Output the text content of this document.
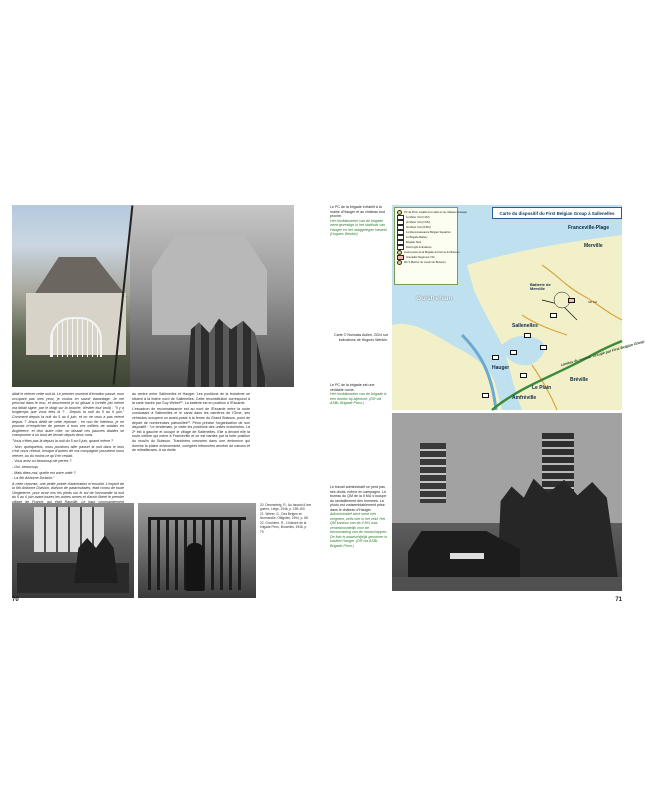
allait le relever cette nuit-là. Le premier moment d'émotion passé, mon occupant pas mes yeux, je voulus en savoir davantage. Je me penchai dans le trou, et doucement je lui glissai à l'oreille (du même ma fallait signe, par le doigt sur la bouche, d'éviter tout bruit) : "Il y a longtemps que vous êtes là ? - Depuis la nuit du 5 au 6 juin." Comment depuis la nuit du 5 au 6 juin, et on ne vous a pas relevé depuis ? Jésus dédit de cette réponse ; en non fer intérieur, je ne pouvais m'empêcher de penser à tous ces milliers de soldats en Angleterre, et d'un autre côté, on laissait ces pauvres diables se cramponner à un bout de terrain depuis deux mois.

"Vous n'êtes pas là depuis la nuit du 5 au 6 juin, quand même ?

- Non, quelquefois, nous pouvions aller passer la nuit dans le bois c'est nous retrout, lorsque d'autres de ma compagnie pouvaient nous relever, au du moins ce qu'il en restait.

- Vous avez vu beaucoup de pertes ?

- Oui, beaucoup.

- Mais dites-moi, quelle est votre unité ?

- La 6th Airborne Division."

A cette réponse, une petite pointe d'admiration m'envahit. L'exploit de la 6th Airborne Division, division de parachutistes, était connu de toute l'Angleterre, pour avoir mis les pieds sur le sol de Normandie la nuit du 5 au 6 juin avant toutes les autres armes et d'avoir libéré le premier

au centre entre Sallenelles et Hauger. Les positions de la troisième se situent à la lisière nord de Sallenelles. Cette reconstitution correspond à la carte tracée par Guy Weber²⁰. La batterie est en position à l'Escarde.

L'escadron de reconnaissance est au nord de l'Escarde entre la route conduisant à Sallenelles et le canal dans les carrières de l'Orne, ses véhicules occupent un avant-poste à la ferme du Grand Buisson, point de départ de nombreuses patrouilles²¹. Piron précise l'organisation de son dispositif : "Le lendemain, je visite les positions des unités motorisées. La 2ᵉ est à gauche et occupe le village de Sallenelles. Elle a devant elle la route côtière qui mène à Franceville et ce est bardée par la forte position du moulin du Buisson. Tranchées creusées dans une éminence qui domine la plaine environnante, corrigées bétonnées armées de canons et de mitrailleuses. A sa droite

20. Desmedeig, R., Au hasard d'une guerre, Liège, 1946, p. 159-160.
21. Weber, G., Des Belges en Normandie, Ottignies, 1994, p. 68.
22. Crochiere, R., L'histoire de la brigade Piron, Bruxelles, 1946, p. 79.
70
Le PC de la brigade s'établit à la mairie d'Hauger et au château tout proche.
Het hoofdkwartier van de brigade werd gevestigd in het stadhuis van Hauger en het nabijgelegen kasteel. (Hugues Wenkin)
Carte © Nicholas Aulien, 2024 sur indications de Hugues Wenkin.
Le PC de la brigade est une véritable ruche.
Het hoofdkwartier van de brigade is een drukke bij-bijenkorf. (DR via ASBL Brigade Piron.)
Le travail administratif ne perd pas ses droits, même en campagne. Le bureau du QM de la II MU s'occupe du ravitaillement des hommes. La photo est vraisemblablement prise dans le château d'Hauger.
Administratief werk werd niet vergeten, zelfs niet in het veld. Het QM kantoor van de II MU was verantwoordelijk voor de bevoorrading van de manschappen. De foto is waarschijnlijk genomen in kasteel Hauger. (DR via ASBL Brigade Piron.)
Carte du dispositif du First Belgian Group à Sallenelles
PC de Piron installé à la mairie et au château d'Hauger
1e Motor Unit (I MU)
2e Motor Unit (II MU)
3e Motor Unit (III MU)
1st Reconnaissance Belgian Squadron
1e Brigade Battery
Brigade Tank
Field Light Ambulance
Avant-poste de la Brigade à la ferme du Buisson
Grenadier Regiment 744
Wn 6 (Barrier du moulin du Buisson)
Franceville-Plage
Merville
Ouistreham
Batterie de Merville
Sallenelles
Hauger
Le Plain
Bréville
Amfréville
Limites du secteur occupé par First Belgian Group
GR 744
71
